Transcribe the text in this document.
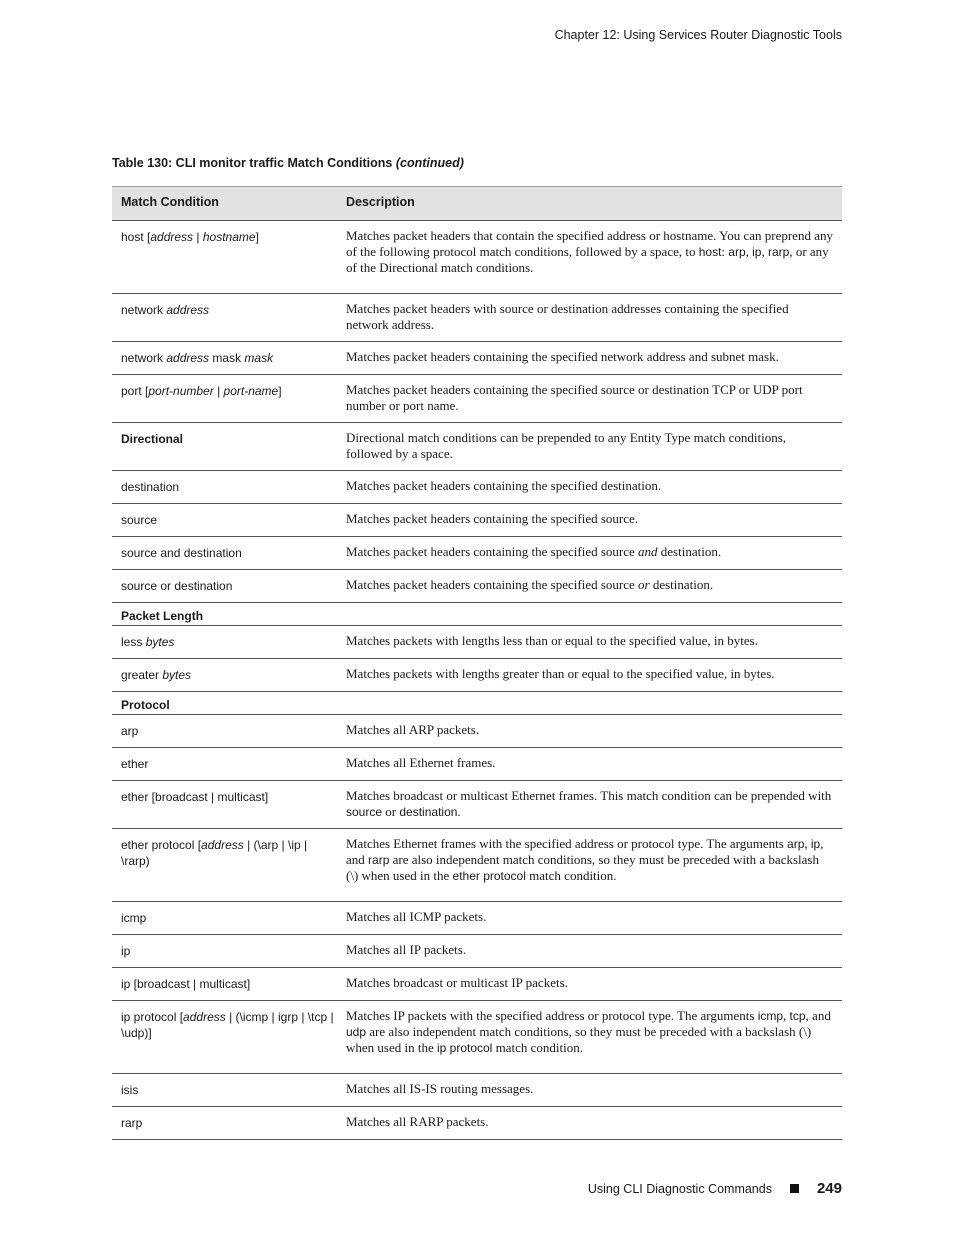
Chapter 12: Using Services Router Diagnostic Tools
Table 130: CLI monitor traffic Match Conditions (continued)
Match Condition	Description
host [address | hostname]	Matches packet headers that contain the specified address or hostname. You can preprend any of the following protocol match conditions, followed by a space, to host: arp, ip, rarp, or any of the Directional match conditions.
network address	Matches packet headers with source or destination addresses containing the specified network address.
network address mask mask	Matches packet headers containing the specified network address and subnet mask.
port [port-number | port-name]	Matches packet headers containing the specified source or destination TCP or UDP port number or port name.
Directional	Directional match conditions can be prepended to any Entity Type match conditions, followed by a space.
destination	Matches packet headers containing the specified destination.
source	Matches packet headers containing the specified source.
source and destination	Matches packet headers containing the specified source and destination.
source or destination	Matches packet headers containing the specified source or destination.
Packet Length	
less bytes	Matches packets with lengths less than or equal to the specified value, in bytes.
greater bytes	Matches packets with lengths greater than or equal to the specified value, in bytes.
Protocol	
arp	Matches all ARP packets.
ether	Matches all Ethernet frames.
ether [broadcast | multicast]	Matches broadcast or multicast Ethernet frames. This match condition can be prepended with source or destination.
ether protocol [address | (\arp | \ip | \rarp)	Matches Ethernet frames with the specified address or protocol type. The arguments arp, ip, and rarp are also independent match conditions, so they must be preceded with a backslash (\) when used in the ether protocol match condition.
icmp	Matches all ICMP packets.
ip	Matches all IP packets.
ip [broadcast | multicast]	Matches broadcast or multicast IP packets.
ip protocol [address | (\icmp | igrp | \tcp | \udp)]	Matches IP packets with the specified address or protocol type. The arguments icmp, tcp, and udp are also independent match conditions, so they must be preceded with a backslash (\) when used in the ip protocol match condition.
isis	Matches all IS-IS routing messages.
rarp	Matches all RARP packets.
Using CLI Diagnostic Commands	249
